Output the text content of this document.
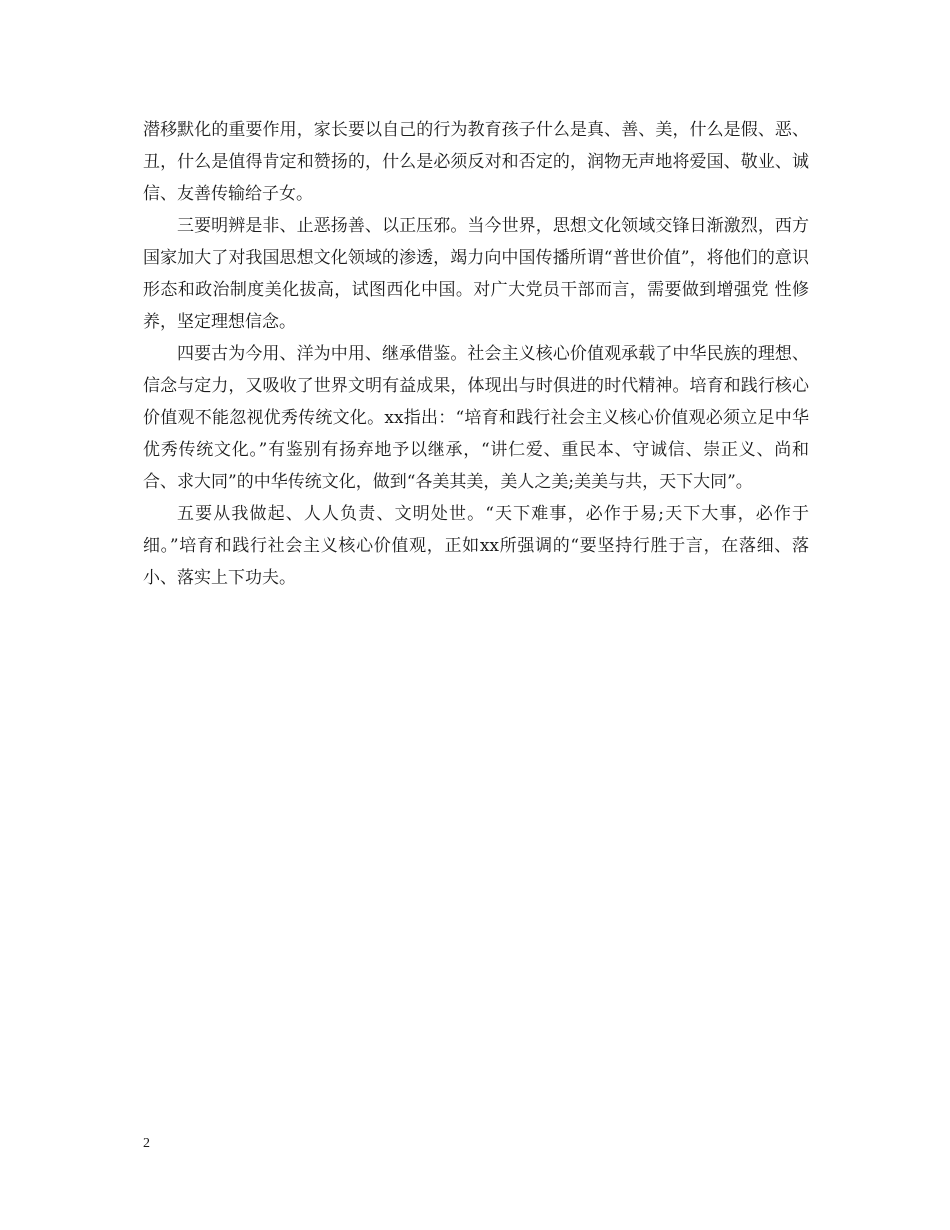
潜移默化的重要作用，家长要以自己的行为教育孩子什么是真、善、美，什么是假、恶、丑，什么是值得肯定和赞扬的，什么是必须反对和否定的，润物无声地将爱国、敬业、诚信、友善传输给子女。

三要明辨是非、止恶扬善、以正压邪。当今世界，思想文化领域交锋日渐激烈，西方国家加大了对我国思想文化领域的渗透，竭力向中国传播所谓“普世价值”，将他们的意识形态和政治制度美化拔高，试图西化中国。对广大党员干部而言，需要做到增强党 性修养，坚定理想信念。

四要古为今用、洋为中用、继承借鉴。社会主义核心价值观承载了中华民族的理想、信念与定力，又吸收了世界文明有益成果，体现出与时俱进的时代精神。培育和践行核心价值观不能忽视优秀传统文化。xx指出：“培育和践行社会主义核心价值观必须立足中华优秀传统文化。”有鉴别有扬弃地予以继承，“讲仁爱、重民本、守诚信、崇正义、尚和合、求大同”的中华传统文化，做到“各美其美，美人之美;美美与共，天下大同”。

五要从我做起、人人负责、文明处世。“天下难事，必作于易;天下大事，必作于细。”培育和践行社会主义核心价值观，正如xx所强调的“要坚持行胜于言，在落细、落小、落实上下功夫。

2
